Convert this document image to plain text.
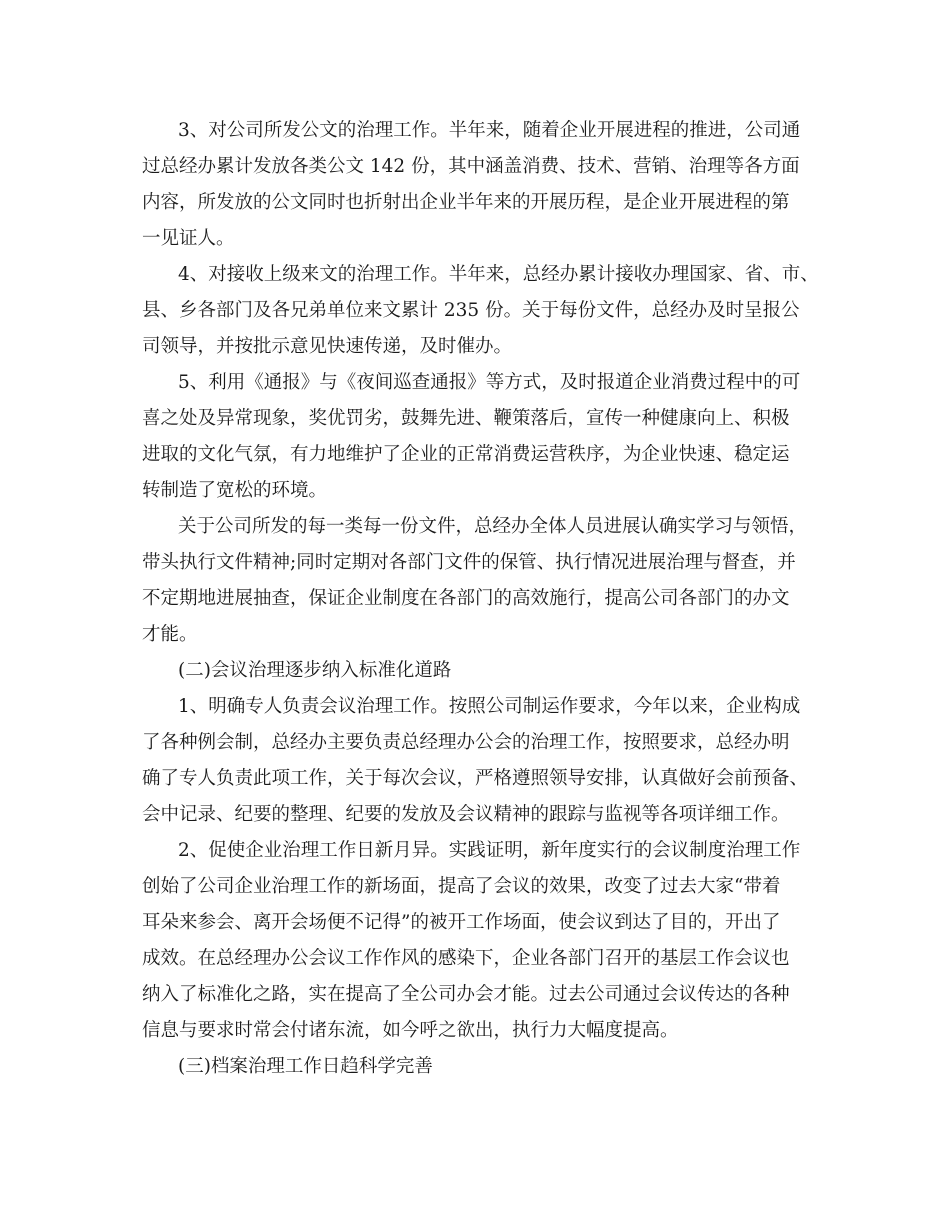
3、对公司所发公文的治理工作。半年来，随着企业开展进程的推进，公司通

过总经办累计发放各类公文 142 份，其中涵盖消费、技术、营销、治理等各方面

内容，所发放的公文同时也折射出企业半年来的开展历程，是企业开展进程的第

一见证人。

4、对接收上级来文的治理工作。半年来，总经办累计接收办理国家、省、市、

县、乡各部门及各兄弟单位来文累计 235 份。关于每份文件，总经办及时呈报公

司领导，并按批示意见快速传递，及时催办。

5、利用《通报》与《夜间巡查通报》等方式，及时报道企业消费过程中的可

喜之处及异常现象，奖优罚劣，鼓舞先进、鞭策落后，宣传一种健康向上、积极

进取的文化气氛，有力地维护了企业的正常消费运营秩序，为企业快速、稳定运

转制造了宽松的环境。

关于公司所发的每一类每一份文件，总经办全体人员进展认确实学习与领悟，

带头执行文件精神;同时定期对各部门文件的保管、执行情况进展治理与督查，并

不定期地进展抽查，保证企业制度在各部门的高效施行，提高公司各部门的办文

才能。

(二)会议治理逐步纳入标准化道路

1、明确专人负责会议治理工作。按照公司制运作要求，今年以来，企业构成

了各种例会制，总经办主要负责总经理办公会的治理工作，按照要求，总经办明

确了专人负责此项工作，关于每次会议，严格遵照领导安排，认真做好会前预备、

会中记录、纪要的整理、纪要的发放及会议精神的跟踪与监视等各项详细工作。

2、促使企业治理工作日新月异。实践证明，新年度实行的会议制度治理工作

创始了公司企业治理工作的新场面，提高了会议的效果，改变了过去大家“带着

耳朵来参会、离开会场便不记得”的被开工作场面，使会议到达了目的，开出了

成效。在总经理办公会议工作作风的感染下，企业各部门召开的基层工作会议也

纳入了标准化之路，实在提高了全公司办会才能。过去公司通过会议传达的各种

信息与要求时常会付诸东流，如今呼之欲出，执行力大幅度提高。

(三)档案治理工作日趋科学完善
